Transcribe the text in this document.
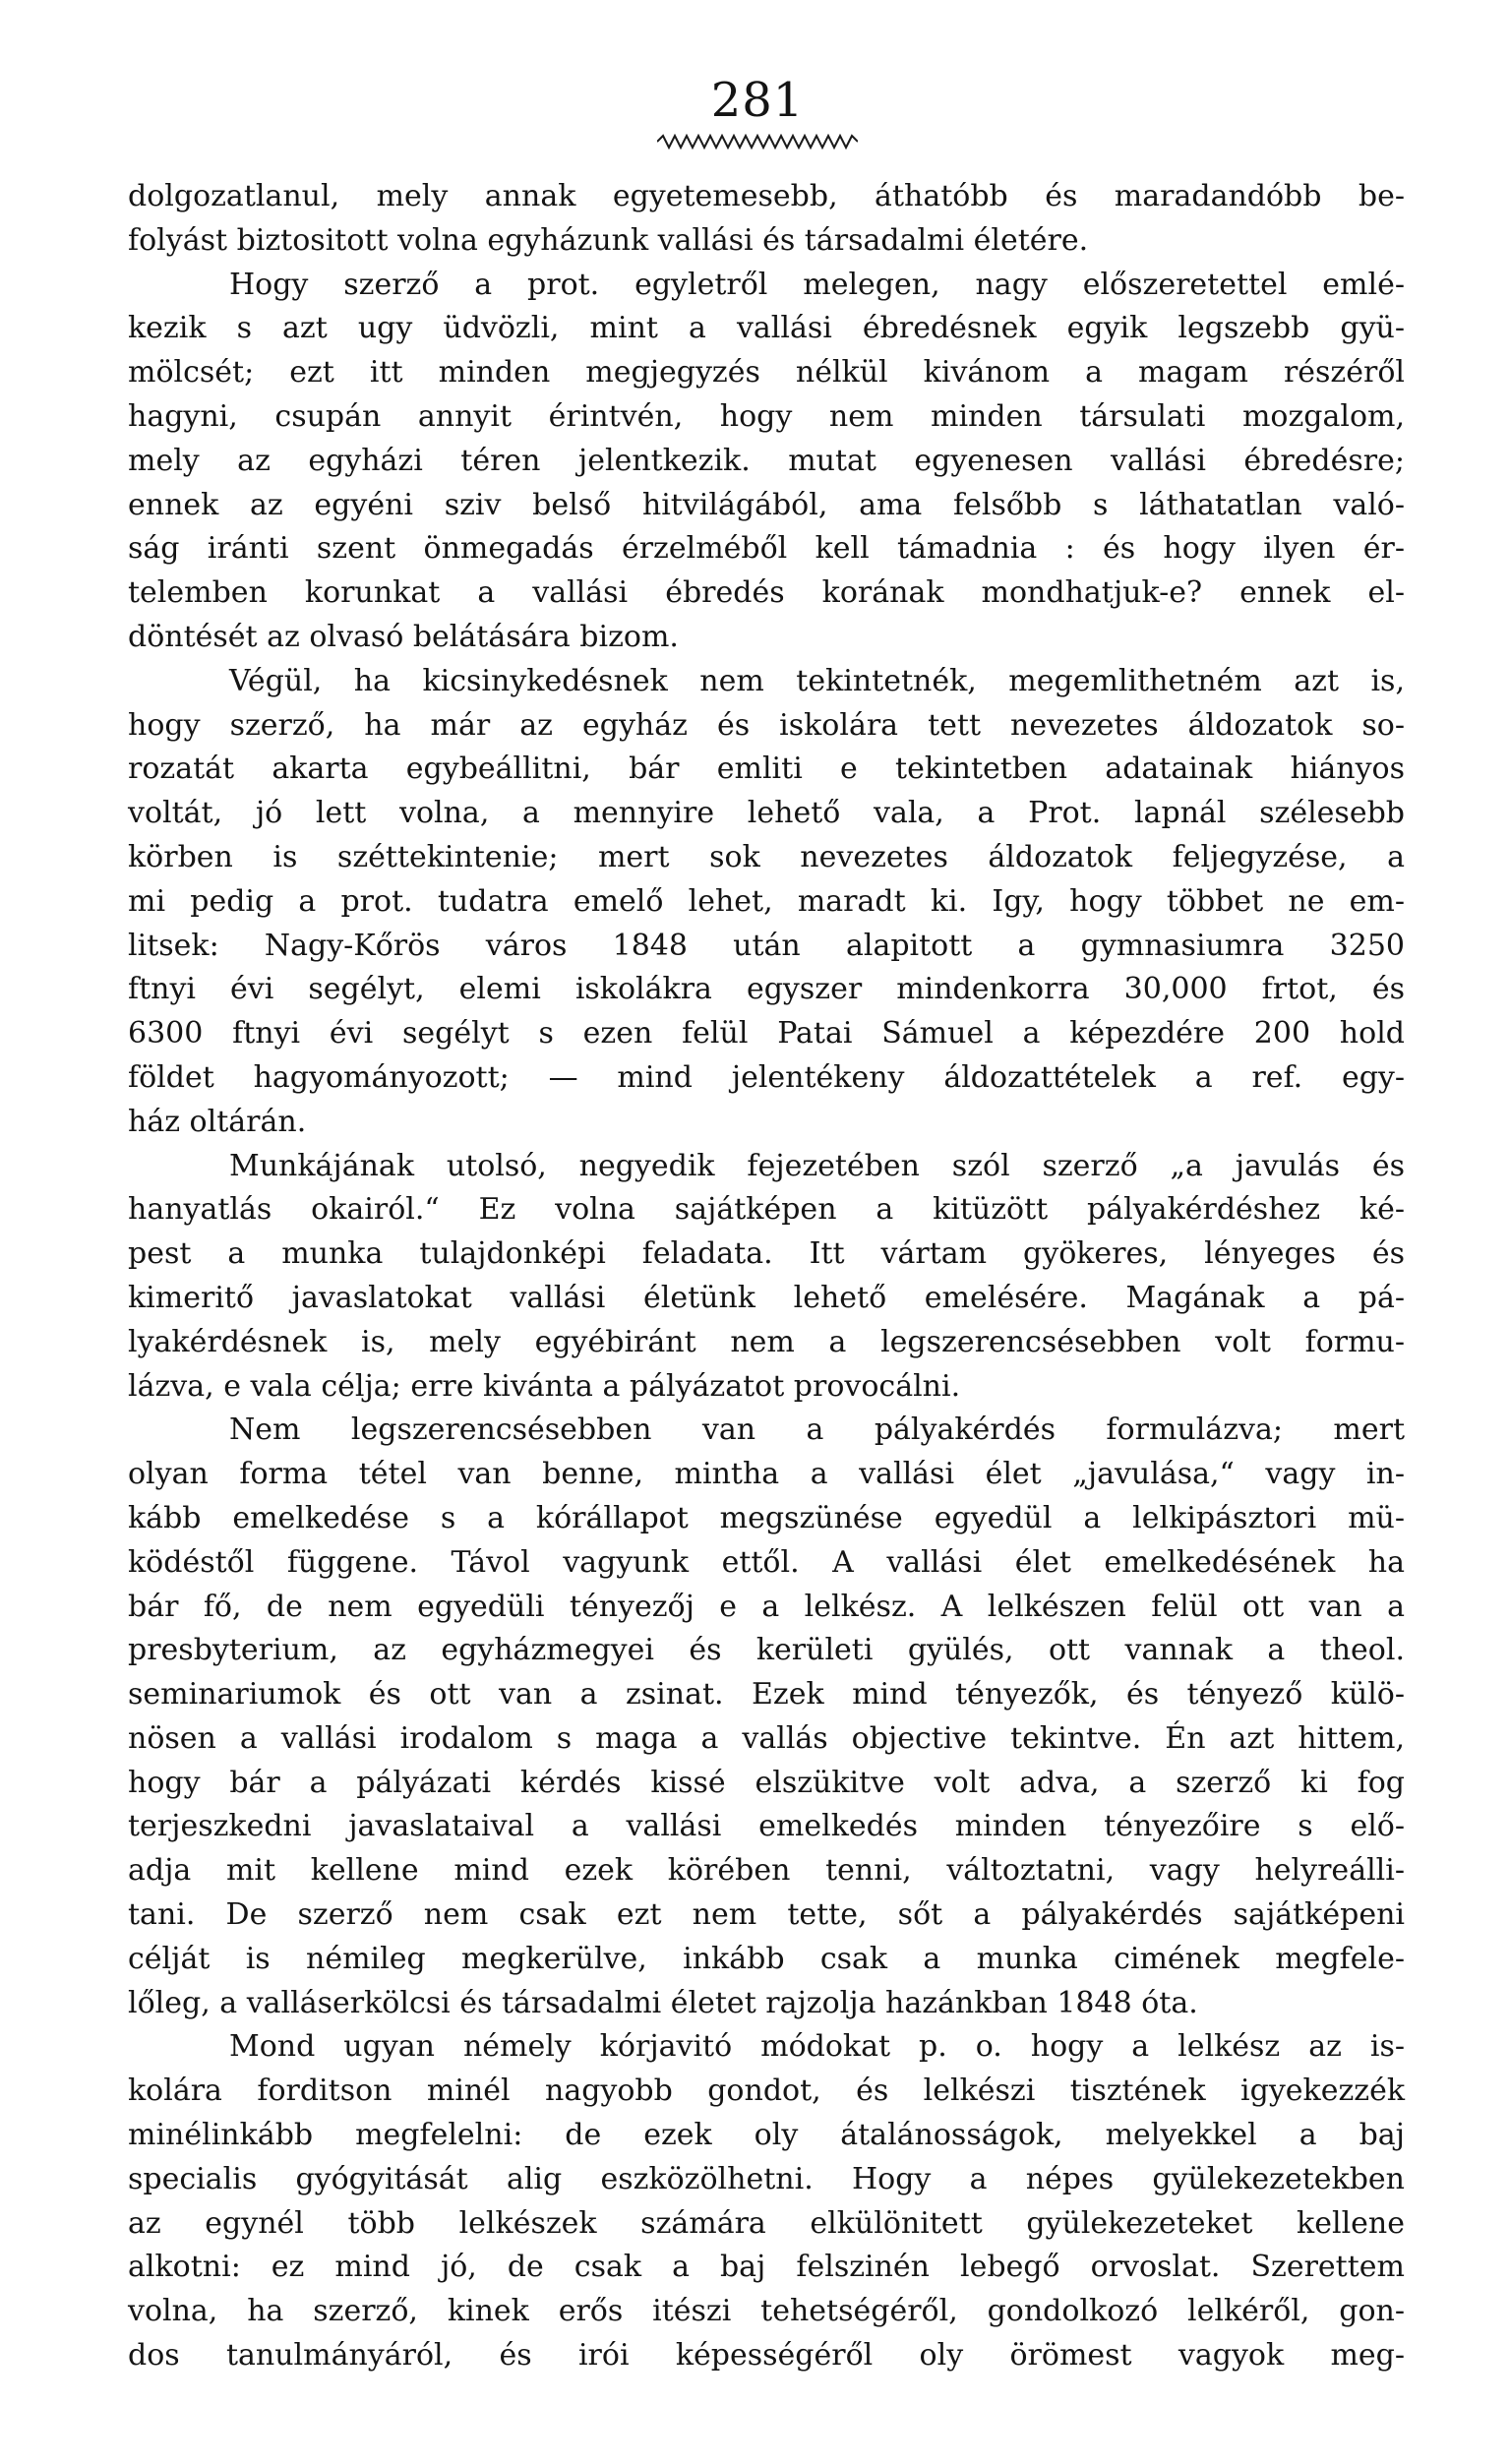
281
dolgozatlanul, mely annak egyetemesebb, áthatóbb és maradandóbb be-
folyást biztositott volna egyházunk vallási és társadalmi életére.
Hogy szerző a prot. egyletről melegen, nagy előszeretettel emlé-
kezik s azt ugy üdvözli, mint a vallási ébredésnek egyik legszebb gyü-
mölcsét; ezt itt minden megjegyzés nélkül kivánom a magam részéről
hagyni, csupán annyit érintvén, hogy nem minden társulati mozgalom,
mely az egyházi téren jelentkezik. mutat egyenesen vallási ébredésre;
ennek az egyéni sziv belső hitvilágából, ama felsőbb s láthatatlan való-
ság iránti szent önmegadás érzelméből kell támadnia : és hogy ilyen ér-
telemben korunkat a vallási ébredés korának mondhatjuk-e? ennek el-
döntését az olvasó belátására bizom.
Végül, ha kicsinykedésnek nem tekintetnék, megemlithetném azt is,
hogy szerző, ha már az egyház és iskolára tett nevezetes áldozatok so-
rozatát akarta egybeállitni, bár emliti e tekintetben adatainak hiányos
voltát, jó lett volna, a mennyire lehető vala, a Prot. lapnál szélesebb
körben is széttekintenie; mert sok nevezetes áldozatok feljegyzése, a
mi pedig a prot. tudatra emelő lehet, maradt ki. Igy, hogy többet ne em-
litsek: Nagy-Kőrös város 1848 után alapitott a gymnasiumra 3250
ftnyi évi segélyt, elemi iskolákra egyszer mindenkorra 30,000 frtot, és
6300 ftnyi évi segélyt s ezen felül Patai Sámuel a képezdére 200 hold
földet hagyományozott; — mind jelentékeny áldozattételek a ref. egy-
ház oltárán.
Munkájának utolsó, negyedik fejezetében szól szerző „a javulás és
hanyatlás okairól.“ Ez volna sajátképen a kitüzött pályakérdéshez ké-
pest a munka tulajdonképi feladata. Itt vártam gyökeres, lényeges és
kimeritő javaslatokat vallási életünk lehető emelésére. Magának a pá-
lyakérdésnek is, mely egyébiránt nem a legszerencsésebben volt formu-
lázva, e vala célja; erre kivánta a pályázatot provocálni.
Nem legszerencsésebben van a pályakérdés formulázva; mert
olyan forma tétel van benne, mintha a vallási élet „javulása,“ vagy in-
kább emelkedése s a kórállapot megszünése egyedül a lelkipásztori mü-
ködéstől függene. Távol vagyunk ettől. A vallási élet emelkedésének ha
bár fő, de nem egyedüli tényezőj e a lelkész. A lelkészen felül ott van a
presbyterium, az egyházmegyei és kerületi gyülés, ott vannak a theol.
seminariumok és ott van a zsinat. Ezek mind tényezők, és tényező külö-
nösen a vallási irodalom s maga a vallás objective tekintve. Én azt hittem,
hogy bár a pályázati kérdés kissé elszükitve volt adva, a szerző ki fog
terjeszkedni javaslataival a vallási emelkedés minden tényezőire s elő-
adja mit kellene mind ezek körében tenni, változtatni, vagy helyreálli-
tani. De szerző nem csak ezt nem tette, sőt a pályakérdés sajátképeni
célját is némileg megkerülve, inkább csak a munka cimének megfele-
lőleg, a valláserkölcsi és társadalmi életet rajzolja hazánkban 1848 óta.
Mond ugyan némely kórjavitó módokat p. o. hogy a lelkész az is-
kolára forditson minél nagyobb gondot, és lelkészi tisztének igyekezzék
minélinkább megfelelni: de ezek oly átalánosságok, melyekkel a baj
specialis gyógyitását alig eszközölhetni. Hogy a népes gyülekezetekben
az egynél több lelkészek számára elkülönitett gyülekezeteket kellene
alkotni: ez mind jó, de csak a baj felszinén lebegő orvoslat. Szerettem
volna, ha szerző, kinek erős itészi tehetségéről, gondolkozó lelkéről, gon-
dos tanulmányáról, és irói képességéről oly örömest vagyok meg-
